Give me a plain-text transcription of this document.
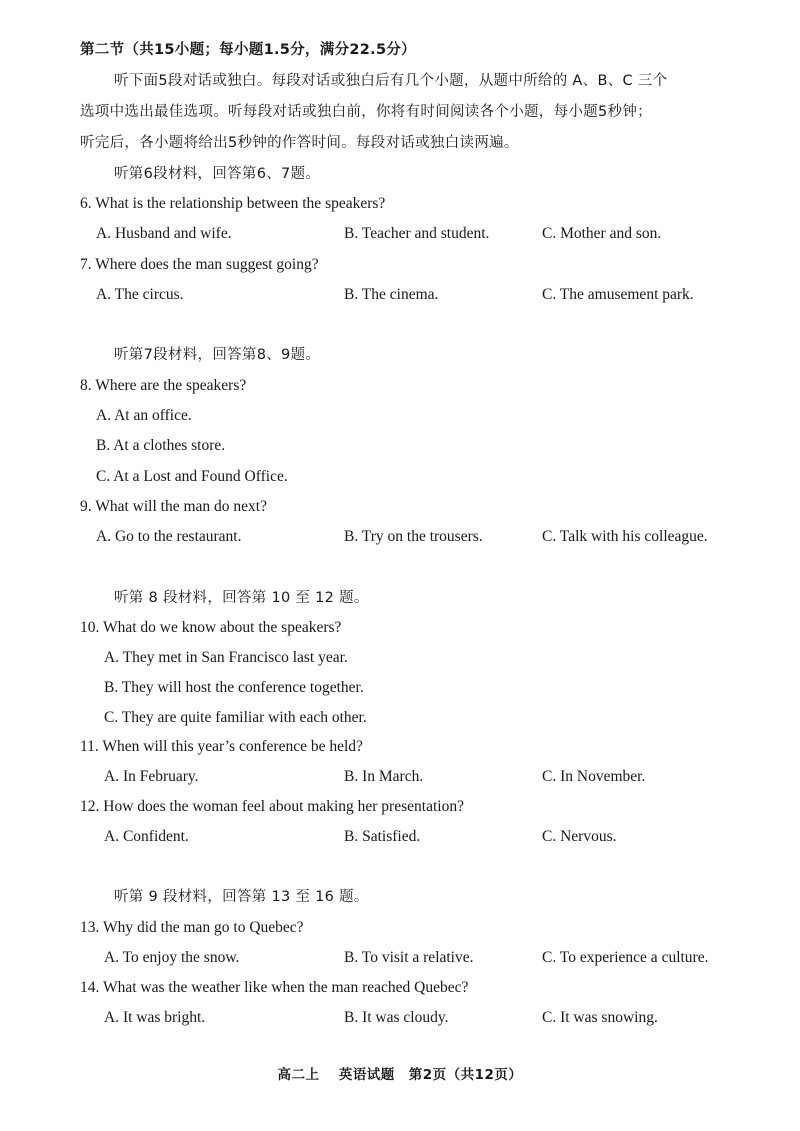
第二节（共15小题；每小题1.5分，满分22.5分）
听下面5段对话或独白。每段对话或独白后有几个小题，从题中所给的 A、B、C 三个
选项中选出最佳选项。听每段对话或独白前，你将有时间阅读各个小题，每小题5秒钟；
听完后，各小题将给出5秒钟的作答时间。每段对话或独白读两遍。
听第6段材料，回答第6、7题。
6. What is the relationship between the speakers?
A. Husband and wife.	B. Teacher and student.	C. Mother and son.
7. Where does the man suggest going?
A. The circus.	B. The cinema.	C. The amusement park.
听第7段材料，回答第8、9题。
8. Where are the speakers?
A. At an office.
B. At a clothes store.
C. At a Lost and Found Office.
9. What will the man do next?
A. Go to the restaurant.	B. Try on the trousers.	C. Talk with his colleague.
听第 8 段材料，回答第 10 至 12 题。
10. What do we know about the speakers?
A. They met in San Francisco last year.
B. They will host the conference together.
C. They are quite familiar with each other.
11. When will this year’s conference be held?
A. In February.	B. In March.	C. In November.
12. How does the woman feel about making her presentation?
A. Confident.	B. Satisfied.	C. Nervous.
听第 9 段材料，回答第 13 至 16 题。
13. Why did the man go to Quebec?
A. To enjoy the snow.	B. To visit a relative.	C. To experience a culture.
14. What was the weather like when the man reached Quebec?
A. It was bright.	B. It was cloudy.	C. It was snowing.
高二上　 英语试题　第2页（共12页）
